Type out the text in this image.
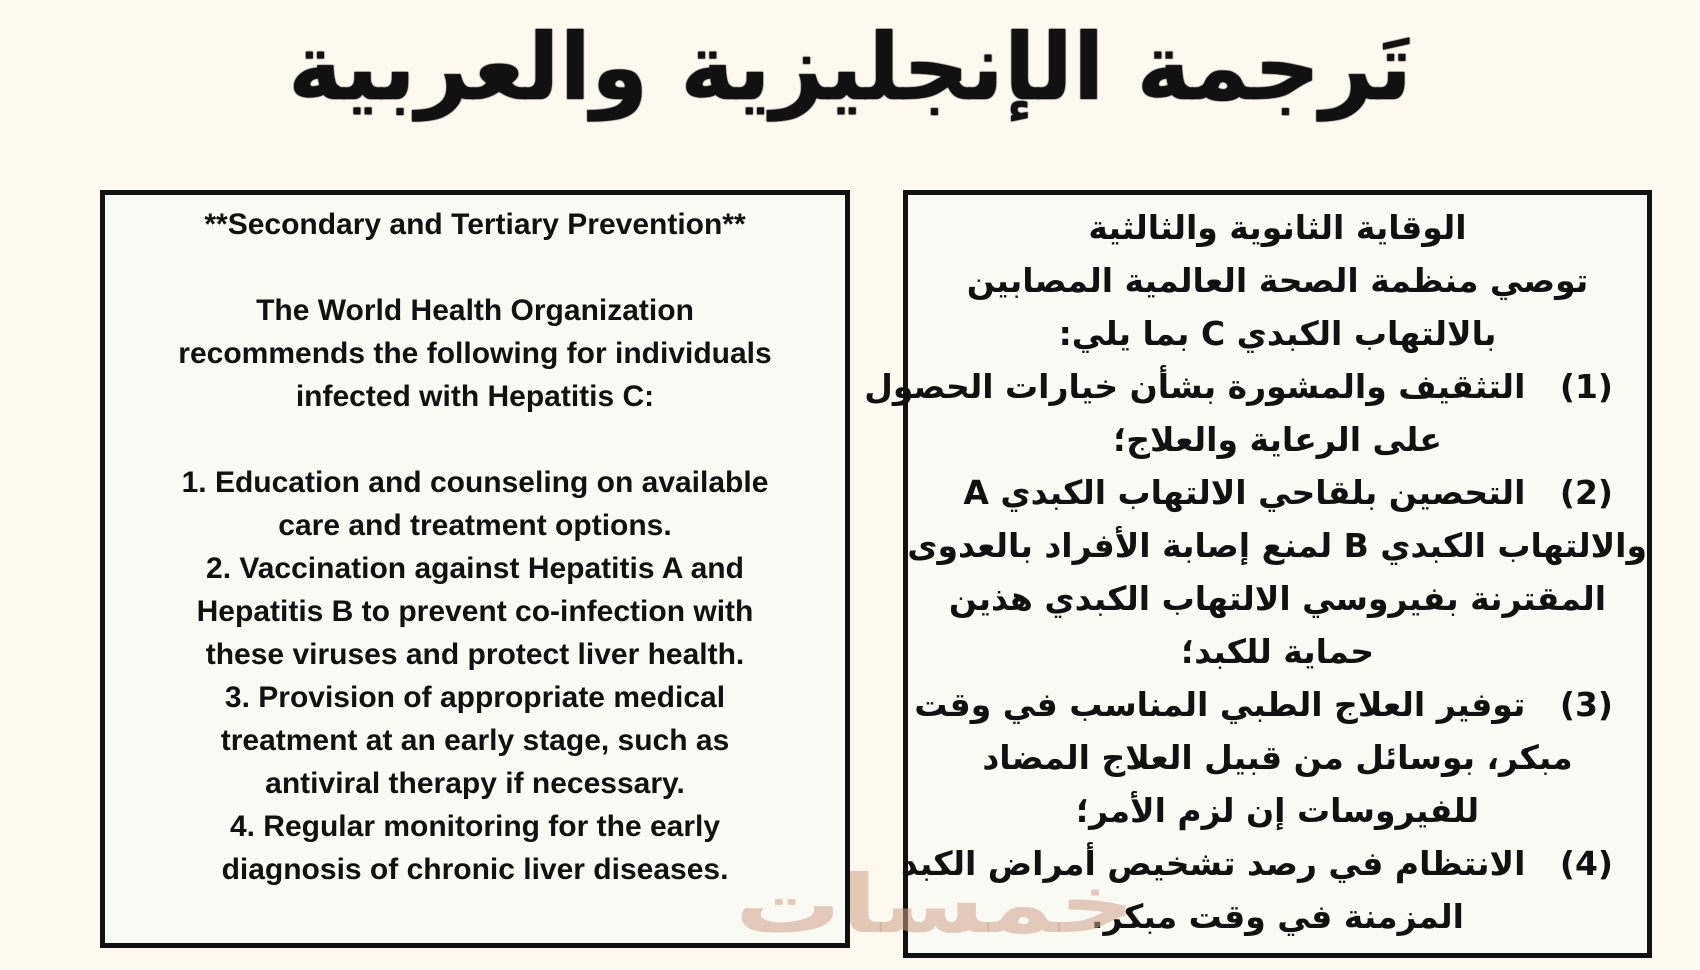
تَرجمة الإنجليزية والعربية
**Secondary and Tertiary Prevention**
The World Health Organization
recommends the following for individuals
infected with Hepatitis C:
1. Education and counseling on available
care and treatment options.
2. Vaccination against Hepatitis A and
Hepatitis B to prevent co-infection with
these viruses and protect liver health.
3. Provision of appropriate medical
treatment at an early stage, such as
antiviral therapy if necessary.
4. Regular monitoring for the early
diagnosis of chronic liver diseases.
الوقاية الثانوية والثالثية
توصي منظمة الصحة العالمية المصابين
بالالتهاب الكبدي C بما يلي:
(1)   التثقيف والمشورة بشأن خيارات الحصول
على الرعاية والعلاج؛
(2)   التحصين بلقاحي الالتهاب الكبدي A
والالتهاب الكبدي B لمنع إصابة الأفراد بالعدوى
المقترنة بفيروسي الالتهاب الكبدي هذين
حماية للكبد؛
(3)   توفير العلاج الطبي المناسب في وقت
مبكر، بوسائل من قبيل العلاج المضاد
للفيروسات إن لزم الأمر؛
(4)   الانتظام في رصد تشخيص أمراض الكبد
المزمنة في وقت مبكر.
خمسات
